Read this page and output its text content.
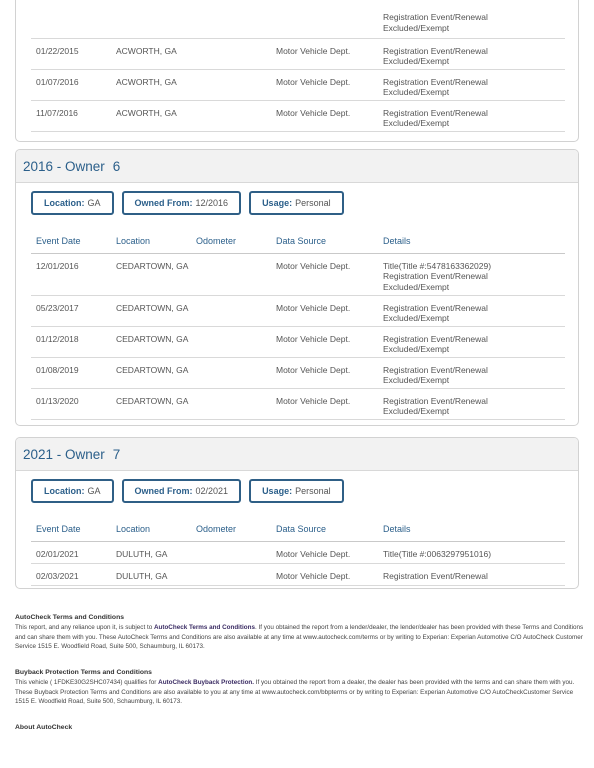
				Registration Event/Renewal
Excluded/Exempt

01/22/2015	ACWORTH, GA		Motor Vehicle Dept.	Registration Event/Renewal
Excluded/Exempt

01/07/2016	ACWORTH, GA		Motor Vehicle Dept.	Registration Event/Renewal
Excluded/Exempt

11/07/2016	ACWORTH, GA		Motor Vehicle Dept.	Registration Event/Renewal
Excluded/Exempt
2016 - Owner 6
Location: GA	Owned From: 12/2016	Usage: Personal
Event Date	Location	Odometer	Data Source	Details
12/01/2016	CEDARTOWN, GA		Motor Vehicle Dept.	Title(Title #:5478163362029)
Registration Event/Renewal
Excluded/Exempt

05/23/2017	CEDARTOWN, GA		Motor Vehicle Dept.	Registration Event/Renewal
Excluded/Exempt

01/12/2018	CEDARTOWN, GA		Motor Vehicle Dept.	Registration Event/Renewal
Excluded/Exempt

01/08/2019	CEDARTOWN, GA		Motor Vehicle Dept.	Registration Event/Renewal
Excluded/Exempt

01/13/2020	CEDARTOWN, GA		Motor Vehicle Dept.	Registration Event/Renewal
Excluded/Exempt
2021 - Owner 7
Location: GA	Owned From: 02/2021	Usage: Personal
Event Date	Location	Odometer	Data Source	Details
02/01/2021	DULUTH, GA		Motor Vehicle Dept.	Title(Title #:0063297951016)

02/03/2021	DULUTH, GA		Motor Vehicle Dept.	Registration Event/Renewal
AutoCheck Terms and Conditions

This report, and any reliance upon it, is subject to AutoCheck Terms and Conditions. If you obtained the report from a lender/dealer, the lender/dealer has been provided with these Terms and Conditions and can share them with you. These AutoCheck Terms and Conditions are also available at any time at www.autocheck.com/terms or by writing to Experian: Experian Automotive C/O AutoCheck Customer Service 1515 E. Woodfield Road, Suite 500, Schaumburg, IL 60173.

Buyback Protection Terms and Conditions

This vehicle ( 1FDKE30G2SHC07434) qualifies for AutoCheck Buyback Protection. If you obtained the report from a dealer, the dealer has been provided with the terms and can share them with you. These Buyback Protection Terms and Conditions are also available to you at any time at www.autocheck.com/bbpterms or by writing to Experian: Experian Automotive C/O AutoCheckCustomer Service 1515 E. Woodfield Road, Suite 500, Schaumburg, IL 60173.

About AutoCheck
